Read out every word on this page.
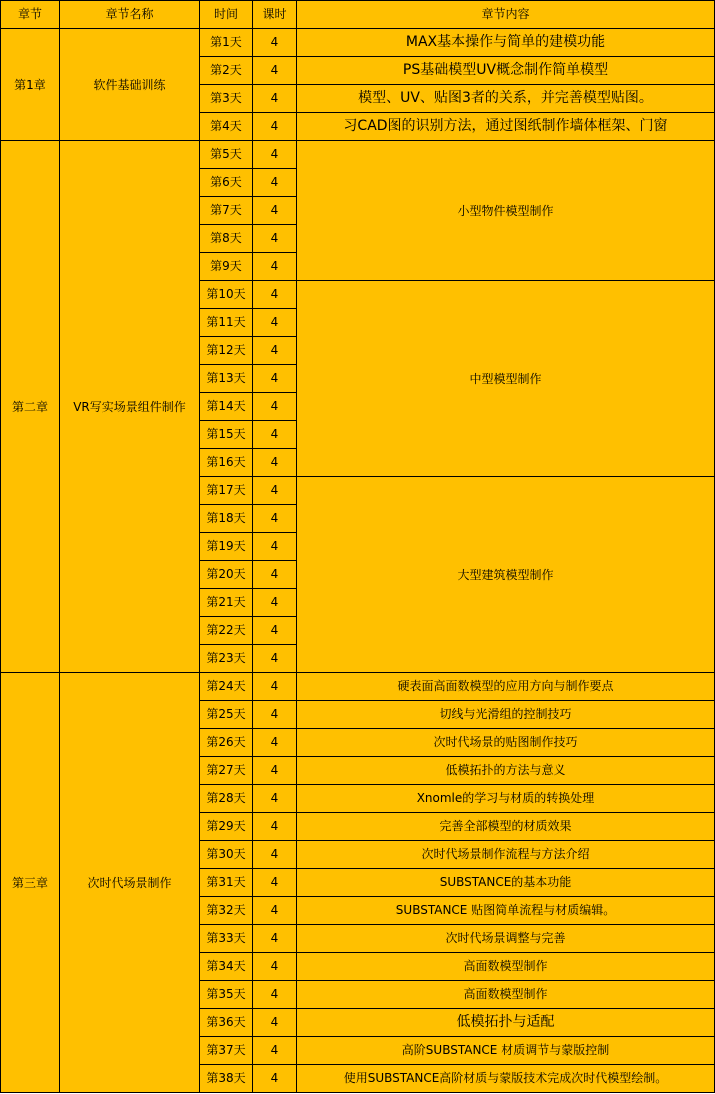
章节	章节名称	时间	课时	章节内容
第1章	软件基础训练	第1天	4	MAX基本操作与简单的建模功能
		第2天	4	PS基础模型UV概念制作简单模型
		第3天	4	模型、UV、贴图3者的关系，并完善模型贴图。
		第4天	4	习CAD图的识别方法，通过图纸制作墙体框架、门窗
第二章	VR写实场景组件制作	第5天	4	小型物件模型制作
		第6天	4	
		第7天	4	
		第8天	4	
		第9天	4	
		第10天	4	中型模型制作
		第11天	4	
		第12天	4	
		第13天	4	
		第14天	4	
		第15天	4	
		第16天	4	
		第17天	4	大型建筑模型制作
		第18天	4	
		第19天	4	
		第20天	4	
		第21天	4	
		第22天	4	
		第23天	4	
第三章	次时代场景制作	第24天	4	硬表面高面数模型的应用方向与制作要点
		第25天	4	切线与光滑组的控制技巧
		第26天	4	次时代场景的贴图制作技巧
		第27天	4	低模拓扑的方法与意义
		第28天	4	Xnomle的学习与材质的转换处理
		第29天	4	完善全部模型的材质效果
		第30天	4	次时代场景制作流程与方法介绍
		第31天	4	SUBSTANCE的基本功能
		第32天	4	SUBSTANCE 贴图简单流程与材质编辑。
		第33天	4	次时代场景调整与完善
		第34天	4	高面数模型制作
		第35天	4	高面数模型制作
		第36天	4	低模拓扑与适配
		第37天	4	高阶SUBSTANCE 材质调节与蒙版控制
		第38天	4	使用SUBSTANCE高阶材质与蒙版技术完成次时代模型绘制。
